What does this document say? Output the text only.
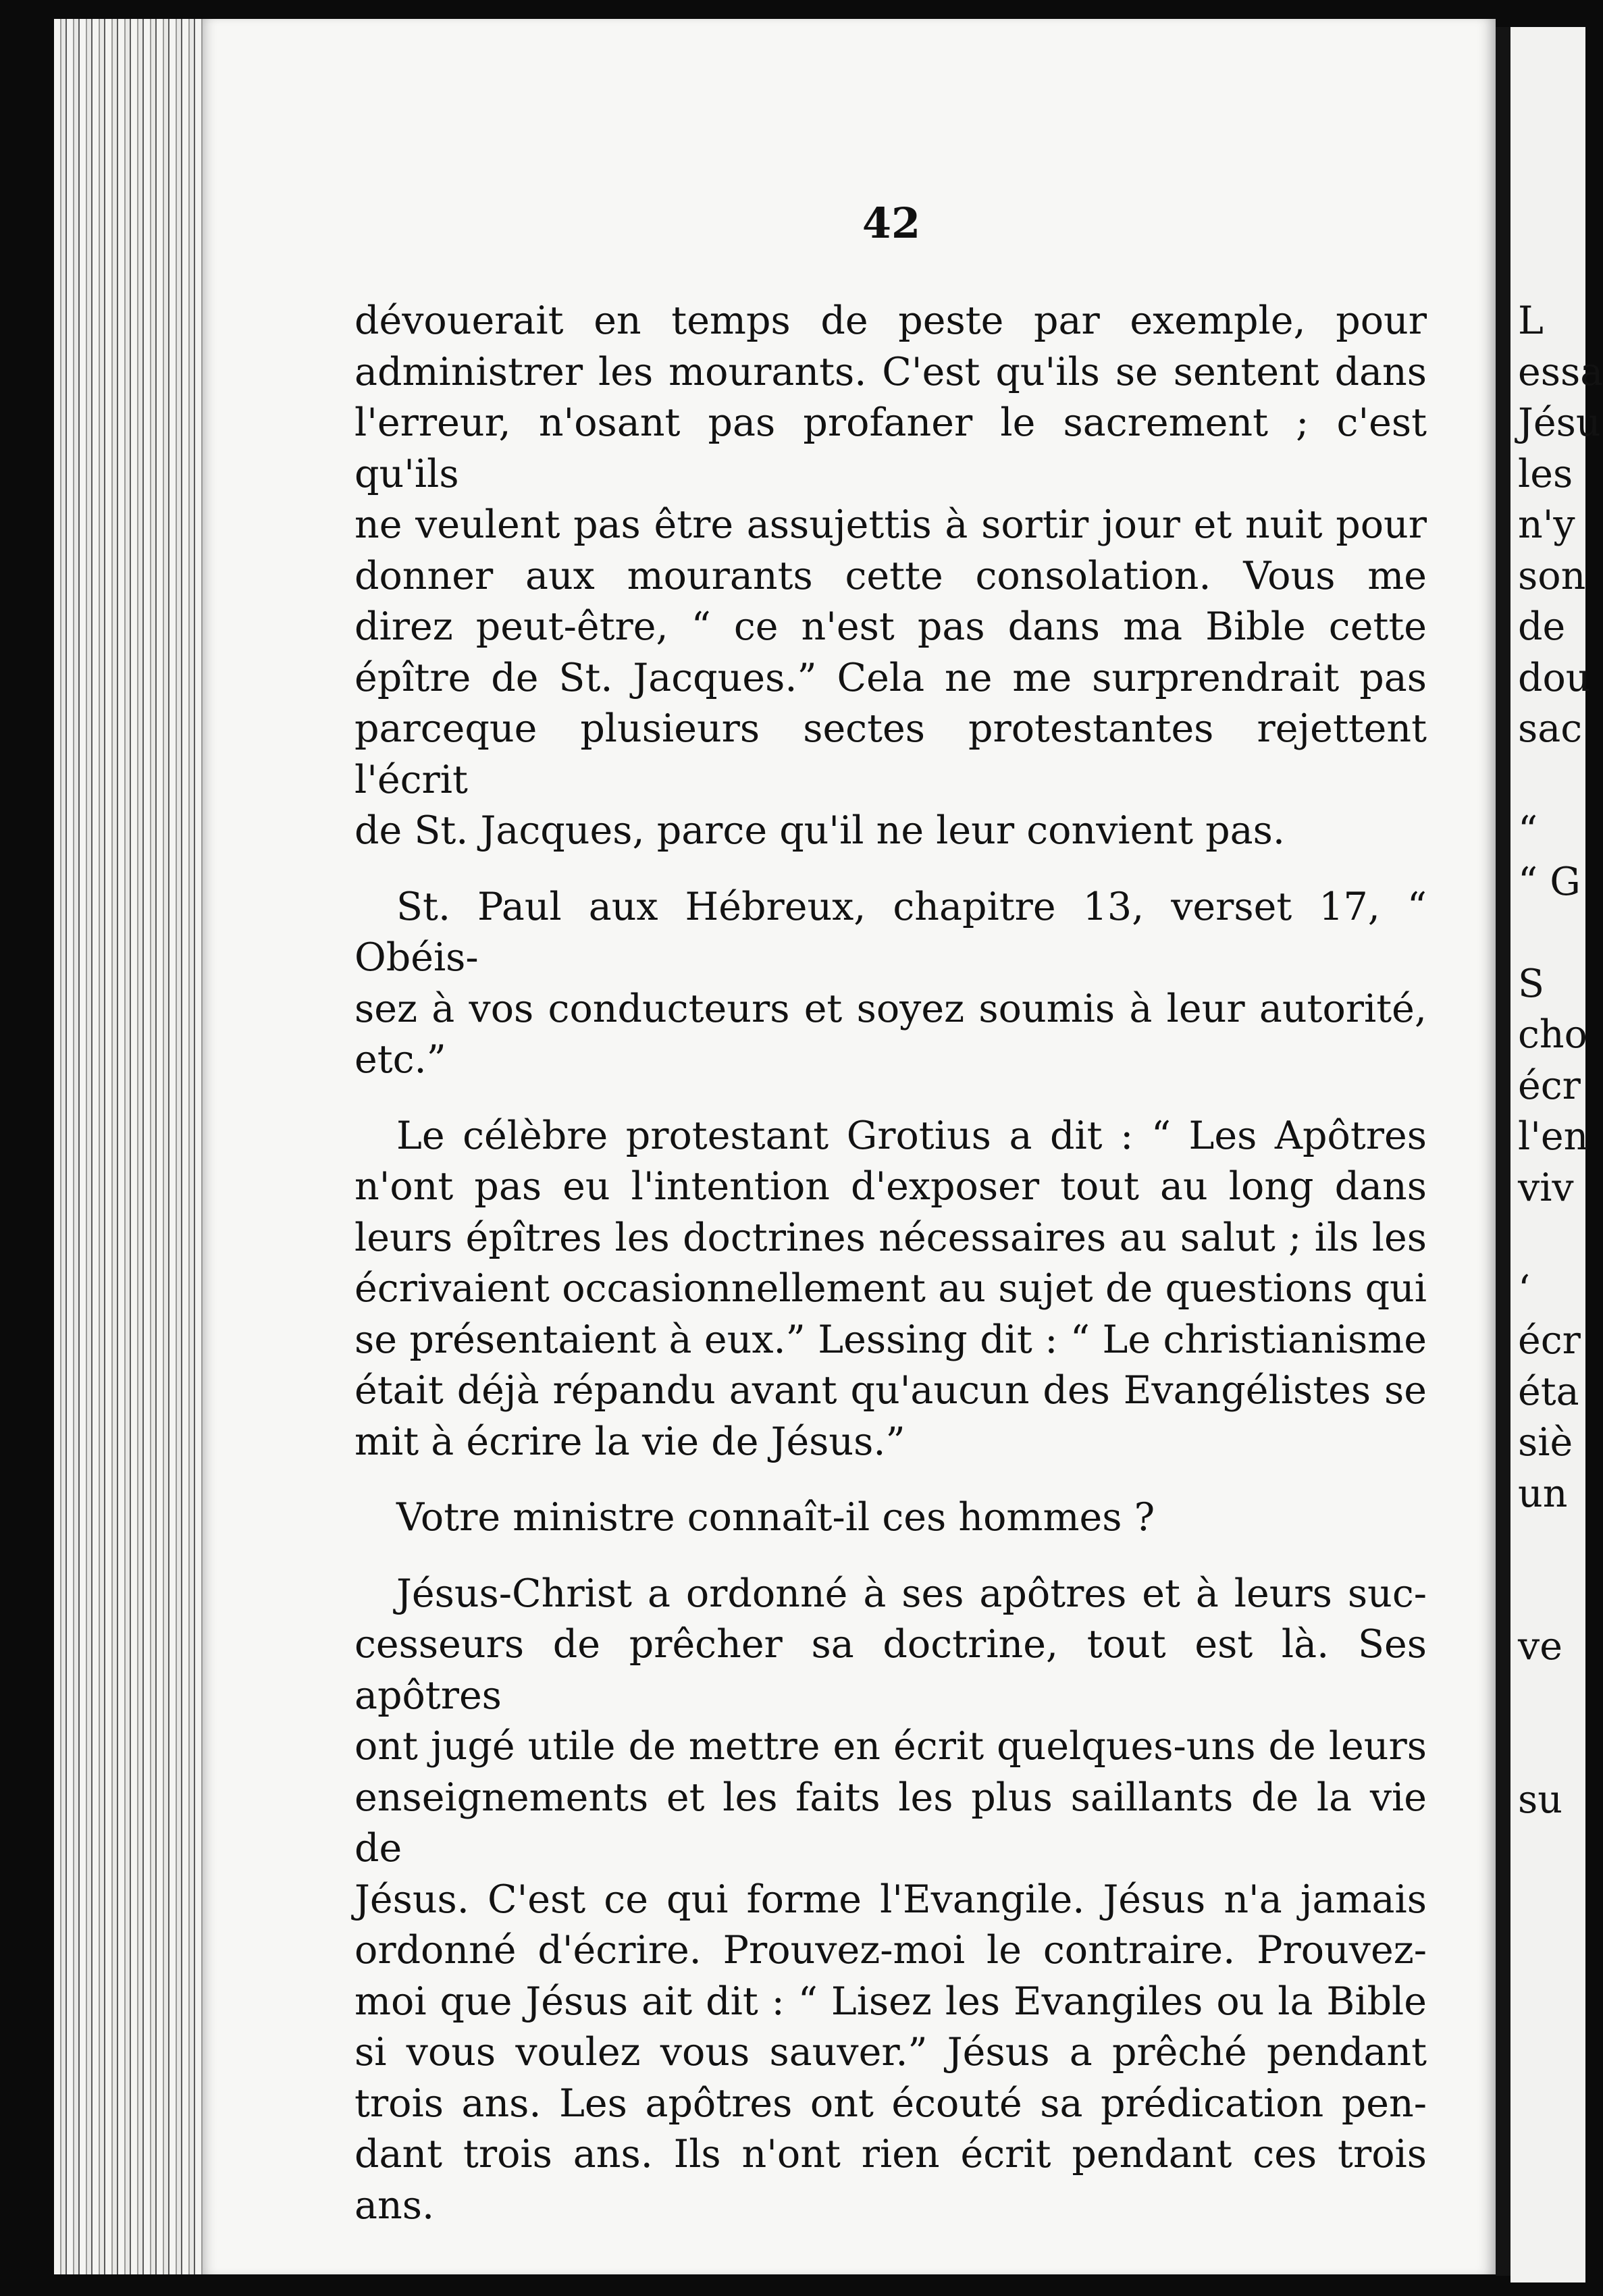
42

dévouerait en temps de peste par exemple, pour
administrer les mourants. C'est qu'ils se sentent dans
l'erreur, n'osant pas profaner le sacrement ; c'est qu'ils
ne veulent pas être assujettis à sortir jour et nuit pour
donner aux mourants cette consolation. Vous me
direz peut-être, “ ce n'est pas dans ma Bible cette
épître de St. Jacques.” Cela ne me surprendrait pas
parceque plusieurs sectes protestantes rejettent l'écrit
de St. Jacques, parce qu'il ne leur convient pas.

St. Paul aux Hébreux, chapitre 13, verset 17, “ Obéis-
sez à vos conducteurs et soyez soumis à leur autorité,
etc.”

Le célèbre protestant Grotius a dit : “ Les Apôtres
n'ont pas eu l'intention d'exposer tout au long dans
leurs épîtres les doctrines nécessaires au salut ; ils les
écrivaient occasionnellement au sujet de questions qui
se présentaient à eux.” Lessing dit : “ Le christianisme
était déjà répandu avant qu'aucun des Evangélistes se
mit à écrire la vie de Jésus.”

Votre ministre connaît-il ces hommes ?

Jésus-Christ a ordonné à ses apôtres et à leurs suc-
cesseurs de prêcher sa doctrine, tout est là. Ses apôtres
ont jugé utile de mettre en écrit quelques-uns de leurs
enseignements et les faits les plus saillants de la vie de
Jésus. C'est ce qui forme l'Evangile. Jésus n'a jamais
ordonné d'écrire. Prouvez-moi le contraire. Prouvez-
moi que Jésus ait dit : “ Lisez les Evangiles ou la Bible
si vous voulez vous sauver.” Jésus a prêché pendant
trois ans. Les apôtres ont écouté sa prédication pen-
dant trois ans. Ils n'ont rien écrit pendant ces trois
ans.

L
essa
Jésu
les
n'y
son
de
dou
sac
“
“ G
S
cho
écr
l'en
viv
‘
écr
éta
siè
un
ve
su
